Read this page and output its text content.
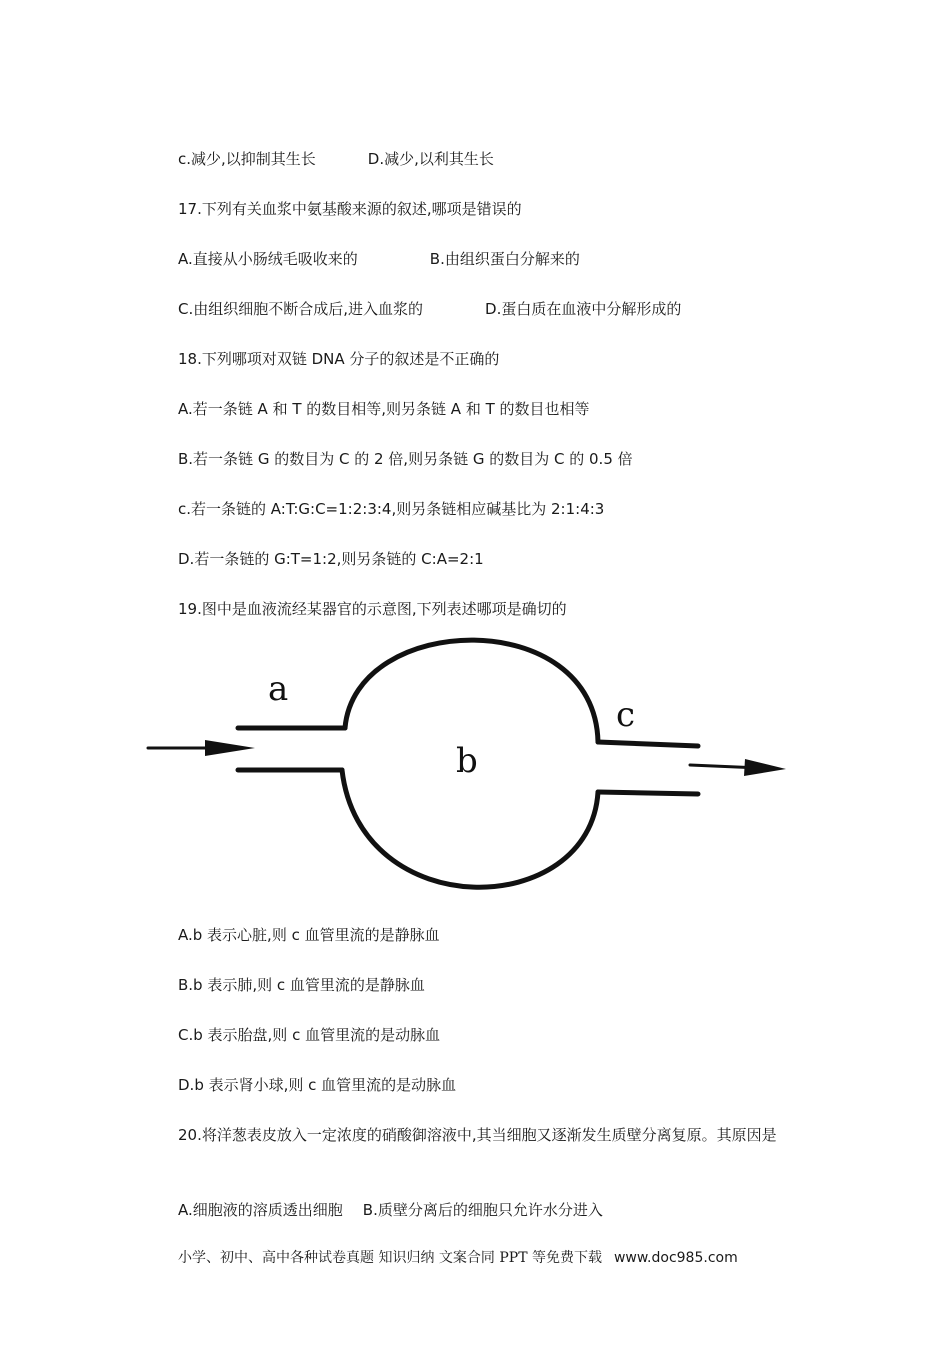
c.减少,以抑制其生长	D.减少,以利其生长
17.下列有关血浆中氨基酸来源的叙述,哪项是错误的
A.直接从小肠绒毛吸收来的	B.由组织蛋白分解来的
C.由组织细胞不断合成后,进入血浆的	D.蛋白质在血液中分解形成的
18.下列哪项对双链 DNA 分子的叙述是不正确的
A.若一条链 A 和 T 的数目相等,则另条链 A 和 T 的数目也相等
B.若一条链 G 的数目为 C 的 2 倍,则另条链 G 的数目为 C 的 0.5 倍
c.若一条链的 A:T:G:C=1:2:3:4,则另条链相应碱基比为 2:1:4:3
D.若一条链的 G:T=1:2,则另条链的 C:A=2:1
19.图中是血液流经某器官的示意图,下列表述哪项是确切的
a
b
c
A.b 表示心脏,则 c 血管里流的是静脉血
B.b 表示肺,则 c 血管里流的是静脉血
C.b 表示胎盘,则 c 血管里流的是动脉血
D.b 表示肾小球,则 c 血管里流的是动脉血
20.将洋葱表皮放入一定浓度的硝酸御溶液中,其当细胞又逐渐发生质壁分离复原。其原因是
A.细胞液的溶质透出细胞 B.质壁分离后的细胞只允许水分进入
小学、初中、高中各种试卷真题 知识归纳 文案合同 PPT 等免费下载 www.doc985.com
